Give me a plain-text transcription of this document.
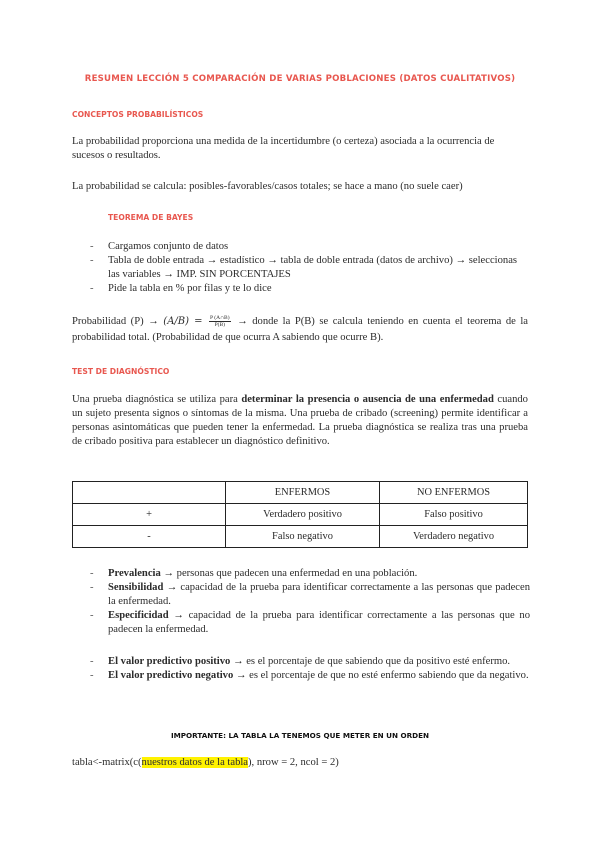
RESUMEN LECCIÓN 5 COMPARACIÓN DE VARIAS POBLACIONES (DATOS CUALITATIVOS)
CONCEPTOS PROBABILÍSTICOS
La probabilidad proporciona una medida de la incertidumbre (o certeza) asociada a la ocurrencia de sucesos o resultados.
La probabilidad se calcula: posibles-favorables/casos totales; se hace a mano (no suele caer)
TEOREMA DE BAYES
- Cargamos conjunto de datos
- Tabla de doble entrada → estadístico → tabla de doble entrada (datos de archivo) → seleccionas las variables → IMP. SIN PORCENTAJES
- Pide la tabla en % por filas y te lo dice
Probabilidad $(P) \to (A/B) = \frac{P (A\cap B)}{P(B)}$ → donde la P(B) se calcula teniendo en cuenta el teorema de la probabilidad total. (Probabilidad de que ocurra A sabiendo que ocurre B).
TEST DE DIAGNÓSTICO
Una prueba diagnóstica se utiliza para determinar la presencia o ausencia de una enfermedad cuando un sujeto presenta signos o síntomas de la misma. Una prueba de cribado (screening) permite identificar a personas asintomáticas que pueden tener la enfermedad. La prueba diagnóstica se realiza tras una prueba de cribado positiva para establecer un diagnóstico definitivo.
	ENFERMOS	NO ENFERMOS
+	Verdadero positivo	Falso positivo
-	Falso negativo	Verdadero negativo
- Prevalencia → personas que padecen una enfermedad en una población.
- Sensibilidad → capacidad de la prueba para identificar correctamente a las personas que padecen la enfermedad.
- Especificidad → capacidad de la prueba para identificar correctamente a las personas que no padecen la enfermedad.
- El valor predictivo positivo → es el porcentaje de que sabiendo que da positivo esté enfermo.
- El valor predictivo negativo → es el porcentaje de que no esté enfermo sabiendo que da negativo.
IMPORTANTE: LA TABLA LA TENEMOS QUE METER EN UN ORDEN
tabla<-matrix(c(nuestros datos de la tabla), nrow = 2, ncol = 2)
